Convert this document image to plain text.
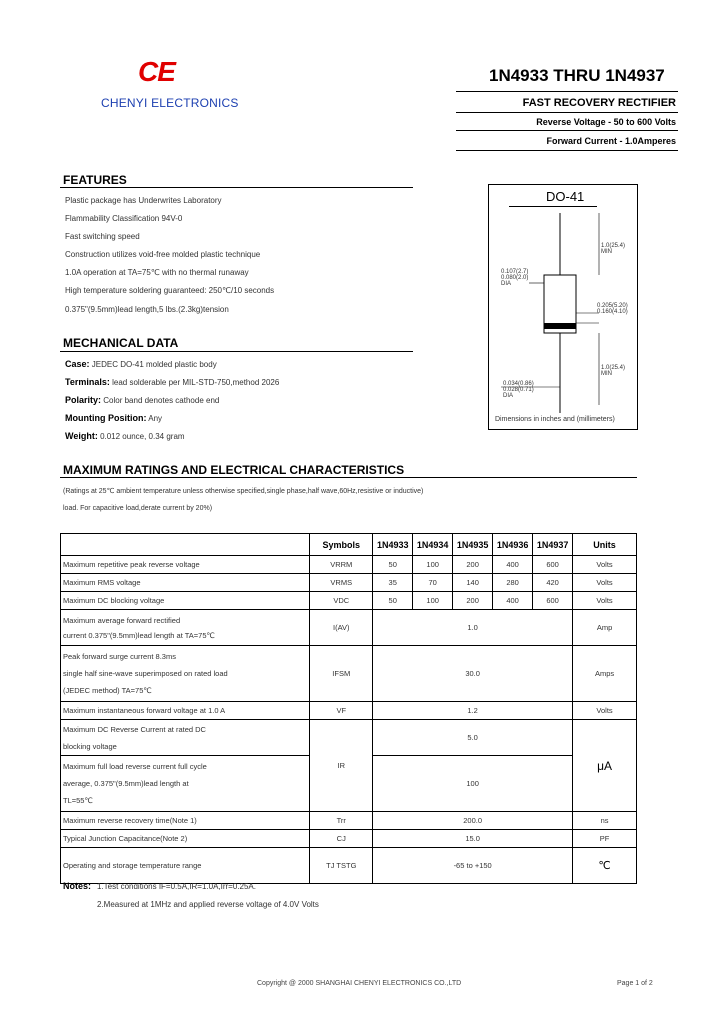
CE
CHENYI ELECTRONICS
1N4933 THRU 1N4937
FAST RECOVERY RECTIFIER
Reverse Voltage - 50 to 600 Volts
Forward Current - 1.0Amperes
FEATURES
Plastic package has Underwrites Laboratory
Flammability Classification 94V-0
Fast switching speed
Construction utilizes void-free molded plastic technique
1.0A operation at TA=75℃ with no thermal runaway
High temperature soldering guaranteed: 250℃/10 seconds
0.375"(9.5mm)lead length,5 lbs.(2.3kg)tension
MECHANICAL DATA
Case: JEDEC DO-41 molded plastic body
Terminals: lead solderable per MIL-STD-750,method 2026
Polarity: Color band denotes cathode end
Mounting Position: Any
Weight: 0.012 ounce, 0.34 gram
DO-41
1.0(25.4)
MIN
0.107(2.7)
0.080(2.0)
DIA
0.205(5.20)
0.160(4.10)
1.0(25.4)
MIN
0.034(0.86)
0.028(0.71)
DIA
Dimensions in inches and (millimeters)
MAXIMUM RATINGS AND ELECTRICAL CHARACTERISTICS
(Ratings at 25℃ ambient temperature unless otherwise specified,single phase,half wave,60Hz,resistive or inductive)
load. For capacitive load,derate current by 20%)
	Symbols	1N4933	1N4934	1N4935	1N4936	1N4937	Units
Maximum repetitive peak reverse voltage	VRRM	50	100	200	400	600	Volts
Maximum RMS voltage	VRMS	35	70	140	280	420	Volts
Maximum DC blocking voltage	VDC	50	100	200	400	600	Volts

Maximum average forward rectified
current 0.375"(9.5mm)lead length at TA=75℃	I(AV)	1.0					Amp

Peak forward surge current 8.3ms
single half sine-wave superimposed on rated load
(JEDEC method) TA=75℃	IFSM	30.0					Amps
Maximum instantaneous forward voltage at 1.0 A	VF	1.2					Volts

Maximum DC Reverse Current at rated DC
blocking voltage	IR	5.0					μA

Maximum full load reverse current full cycle
average, 0.375"(9.5mm)lead length at
TL=55℃		100					
Maximum reverse recovery time(Note 1)	Trr	200.0					ns
Typical Junction Capacitance(Note 2)	CJ	15.0					PF
Operating and storage temperature range	TJ TSTG	-65 to +150					℃
Notes: 1.Test conditions IF=0.5A,IR=1.0A,Irr=0.25A.
2.Measured at 1MHz and applied reverse voltage of 4.0V Volts
Copyright @ 2000 SHANGHAI CHENYI ELECTRONICS CO.,LTD	Page 1 of 2
